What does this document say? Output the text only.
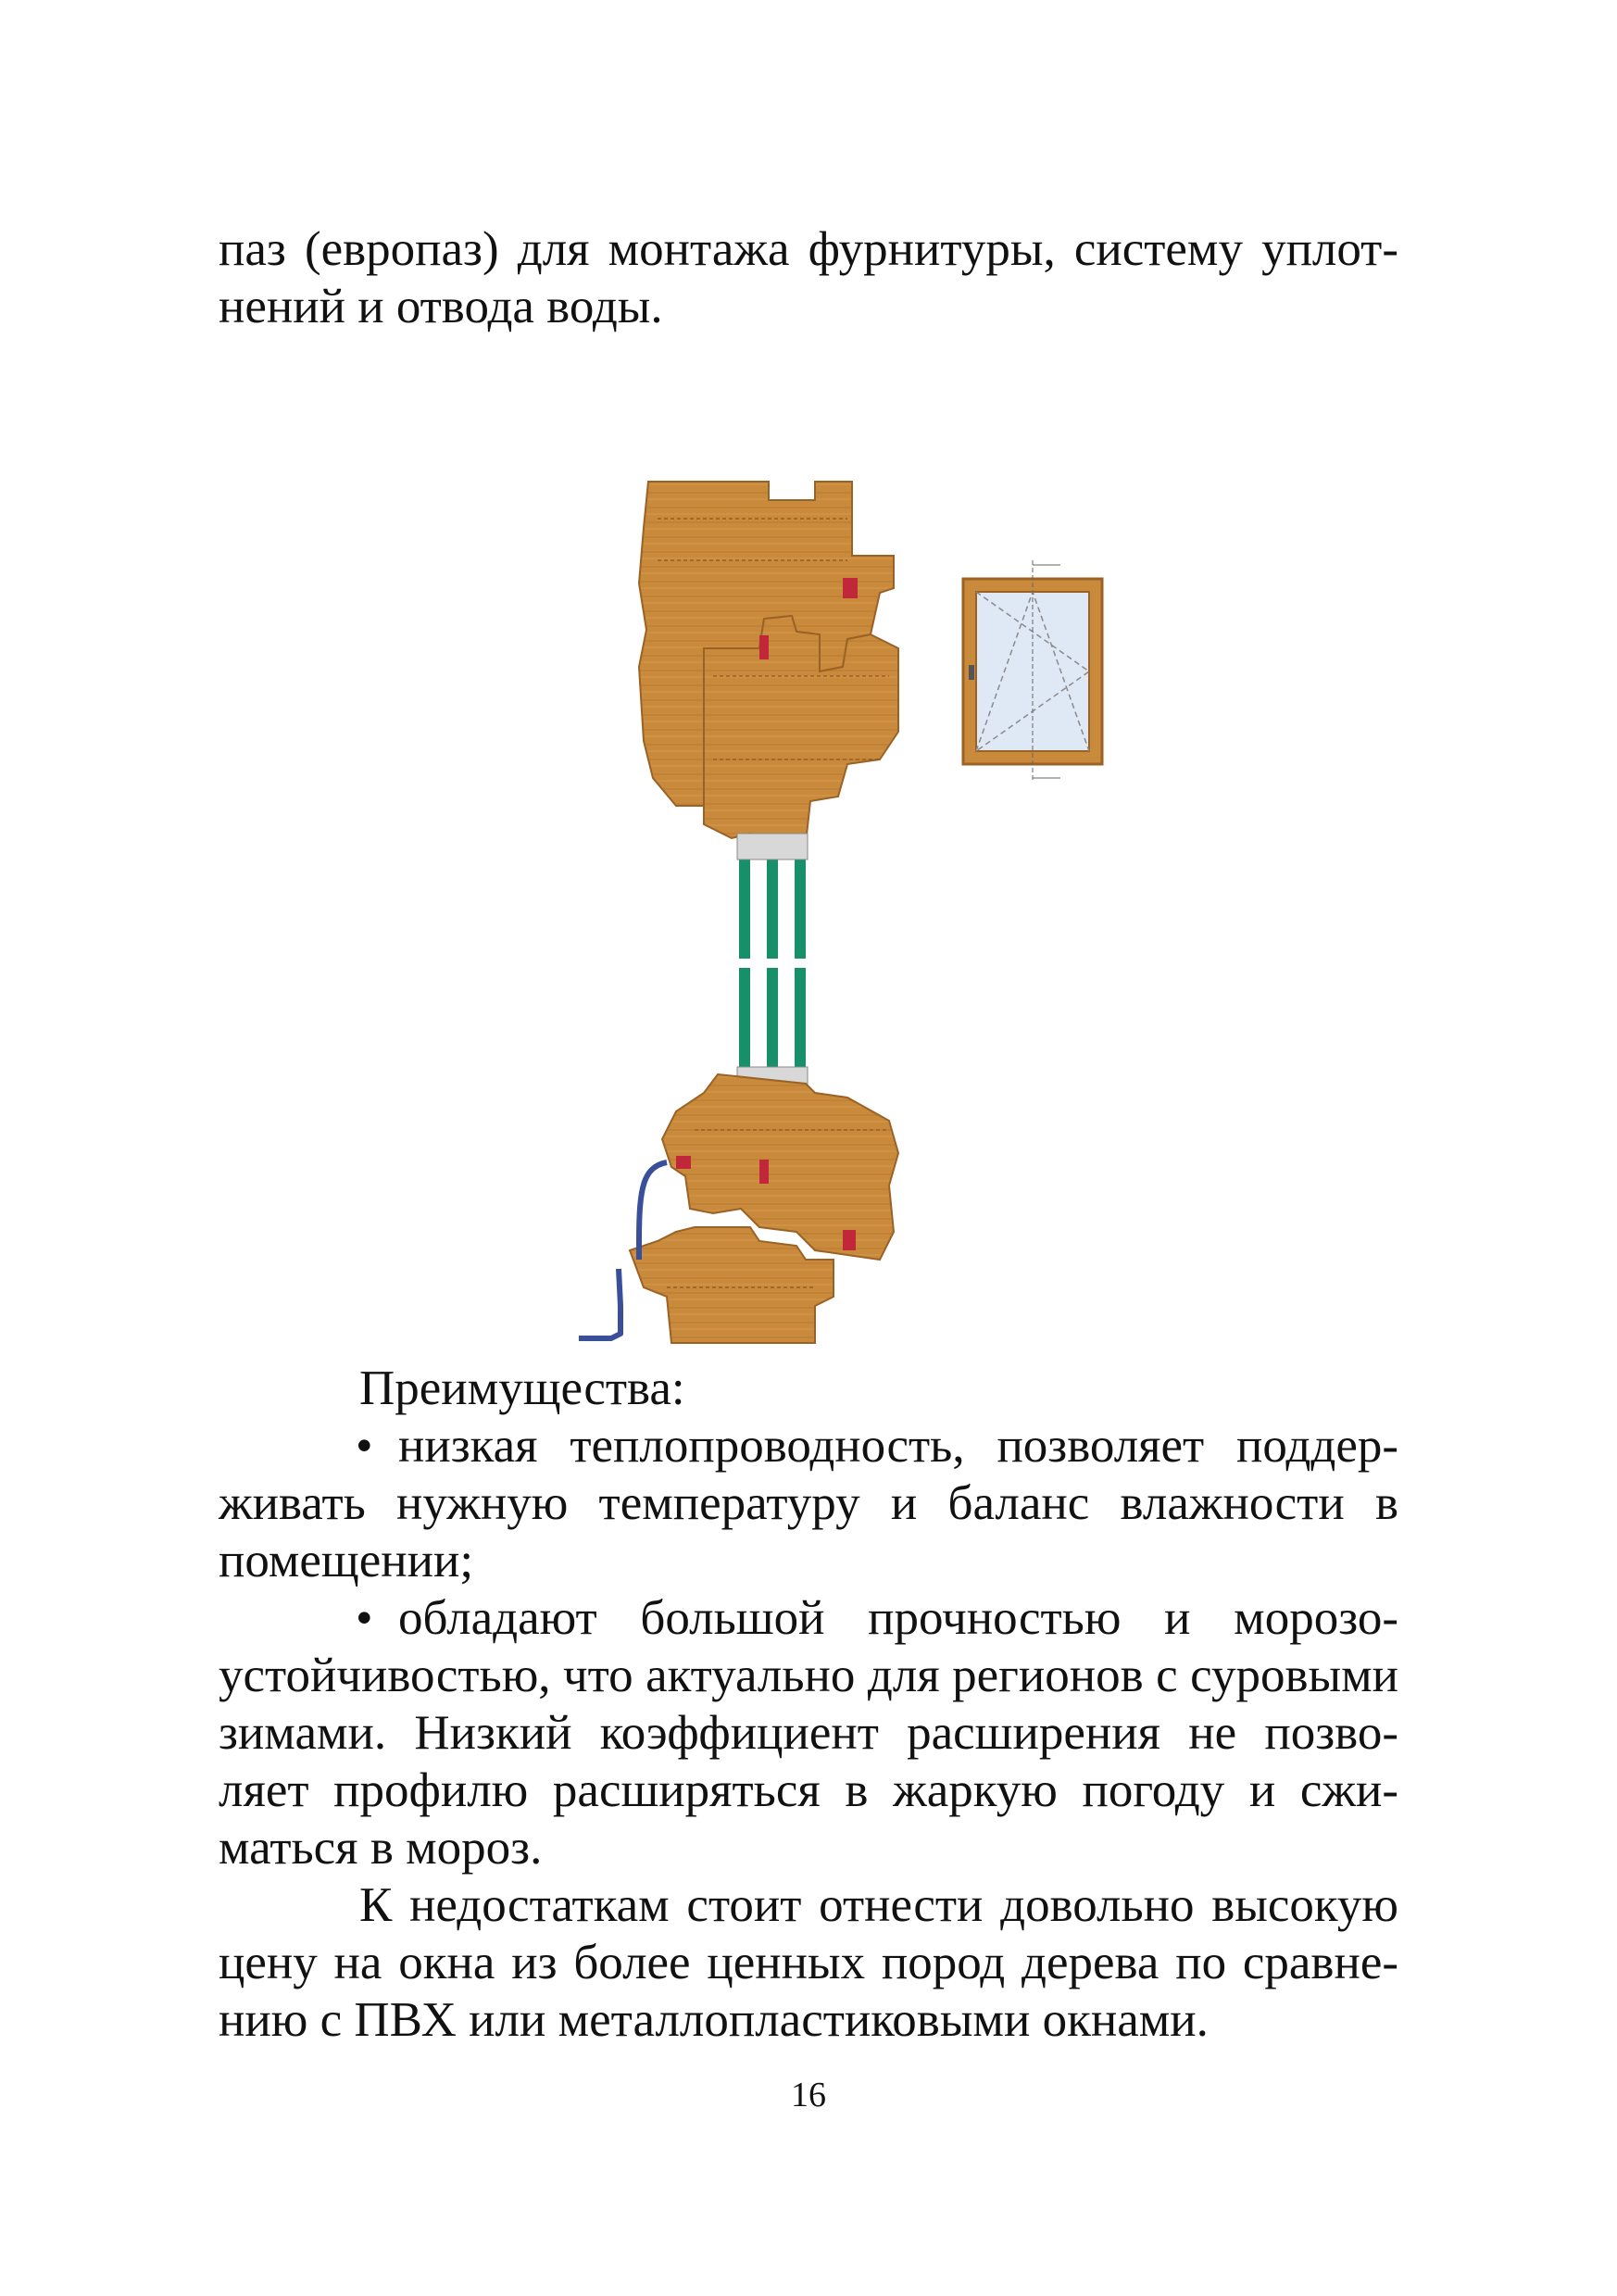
паз (европаз) для монтажа фурнитуры, систему уплот-
нений и отвода воды.
Преимущества:
• низкая теплопроводность, позволяет поддер-
живать нужную температуру и баланс влажности в
помещении;
• обладают большой прочностью и морозо-
устойчивостью, что актуально для регионов с суровыми
зимами. Низкий коэффициент расширения не позво-
ляет профилю расширяться в жаркую погоду и сжи-
маться в мороз.
К недостаткам стоит отнести довольно высокую
цену на окна из более ценных пород дерева по сравне-
нию с ПВХ или металлопластиковыми окнами.
16
